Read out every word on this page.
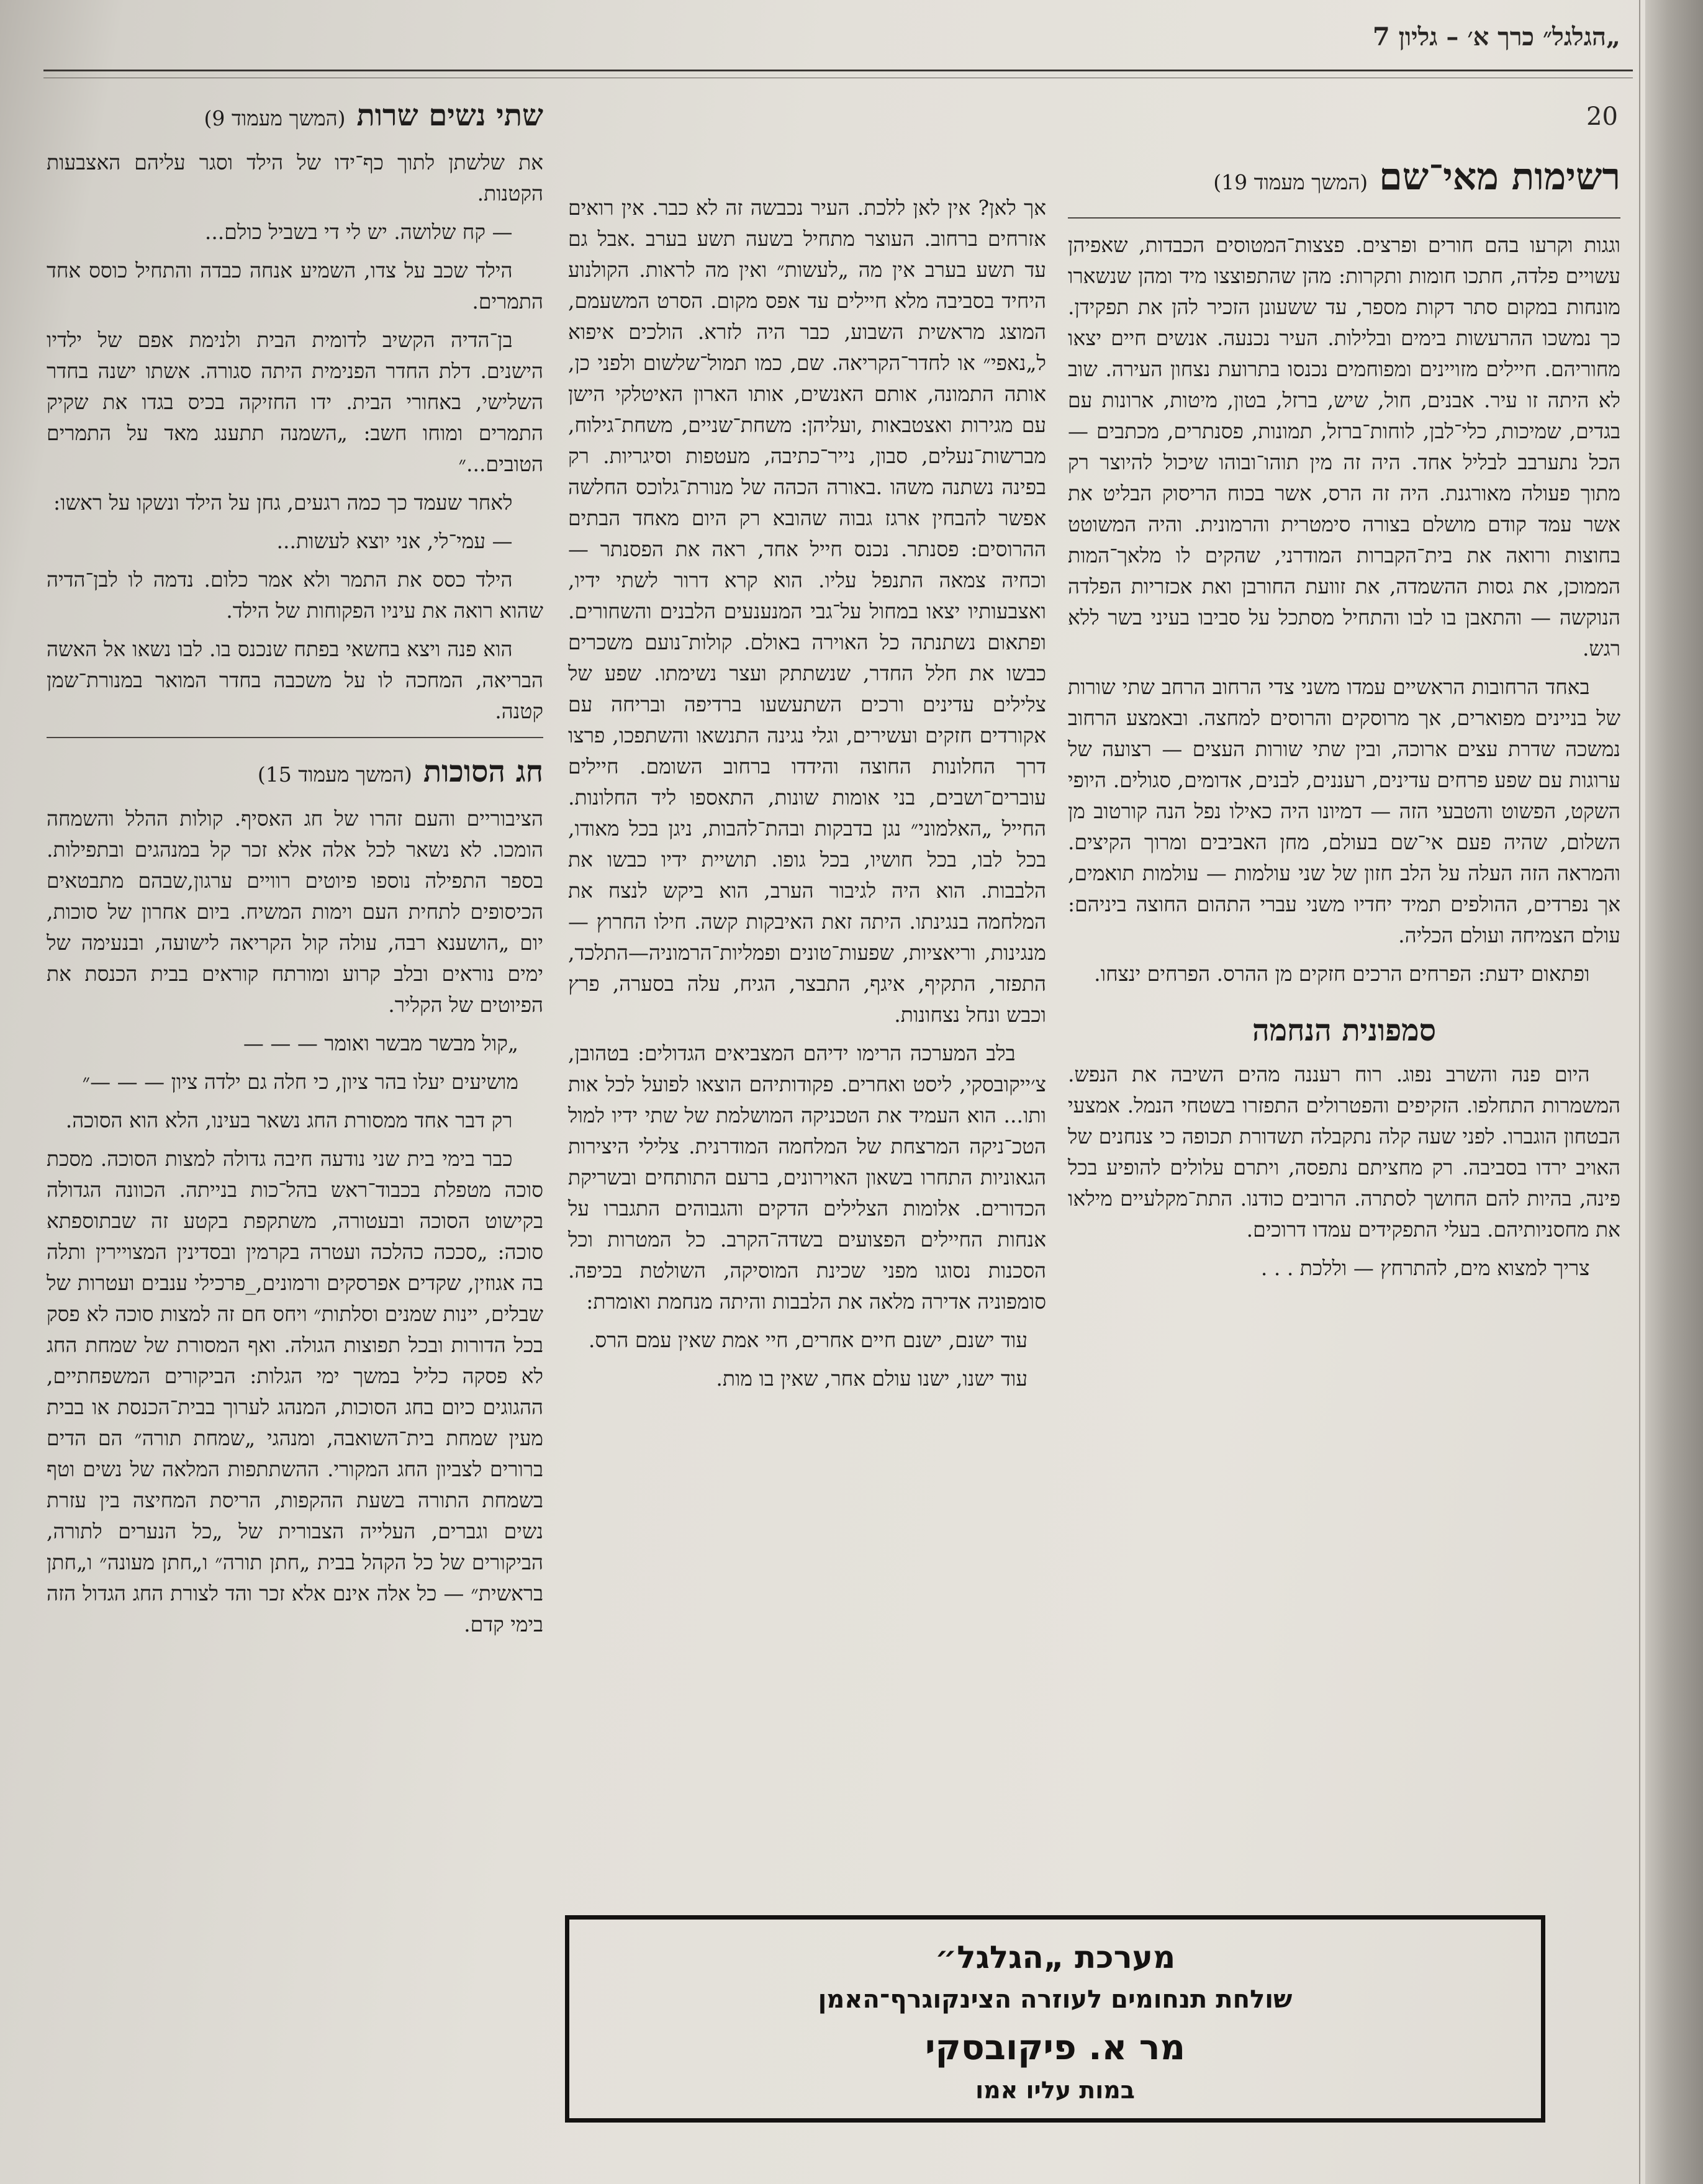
„הגלגל״ כרך א׳ – גליון 7
20
רשימות מאי־שם(המשך מעמוד 19)

וגגות וקרעו בהם חורים ופרצים. פצצות־המטוסים הכבדות, שאפיהן עשויים פלדה, חתכו חומות ותקרות: מהן שהתפוצצו מיד ומהן שנשארו מונחות במקום סתר דקות מספר, עד ששעונן הזכיר להן את תפקידן. כך נמשכו ההרעשות בימים ובלילות. העיר נכנעה. אנשים חיים יצאו מחוריהם. חיילים מזויינים ומפוחמים נכנסו בתרועת נצחון העירה. שוב לא היתה זו עיר. אבנים, חול, שיש, ברזל, בטון, מיטות, ארונות עם בגדים, שמיכות, כלי־לבן, לוחות־ברזל, תמונות, פסנתרים, מכתבים — הכל נתערבב לבליל אחד. היה זה מין תוהו־ובוהו שיכול להיוצר רק מתוך פעולה מאורגנת. היה זה הרס, אשר בכוח הריסוק הבליט את אשר עמד קודם מושלם בצורה סימטרית והרמונית. והיה המשוטט בחוצות ורואה את בית־הקברות המודרני, שהקים לו מלאך־המות הממוכן, את גסות ההשמדה, את זוועת החורבן ואת אכזריות הפלדה הנוקשה — והתאבן בו לבו והתחיל מסתכל על סביבו בעיני בשר ללא רגש.

באחד הרחובות הראשיים עמדו משני צדי הרחוב הרחב שתי שורות של בניינים מפוארים, אך מרוסקים והרוסים למחצה. ובאמצע הרחוב נמשכה שדרת עצים ארוכה, ובין שתי שורות העצים — רצועה של ערוגות עם שפע פרחים עדינים, רעננים, לבנים, אדומים, סגולים. היופי השקט, הפשוט והטבעי הזה — דמיונו היה כאילו נפל הנה קורטוב מן השלום, שהיה פעם אי־שם בעולם, מחן האביבים ומרוך הקיצים. והמראה הזה העלה על הלב חזון של שני עולמות — עולמות תואמים, אך נפרדים, ההולפים תמיד יחדיו משני עברי התהום החוצה ביניהם: עולם הצמיחה ועולם הכליה.

ופתאום ידעת: הפרחים הרכים חזקים מן ההרס. הפרחים ינצחו.

סמפונית הנחמה

היום פנה והשרב נפוג. רוח רעננה מהים השיבה את הנפש. המשמרות התחלפו. הזקיפים והפטרולים התפזרו בשטחי הנמל. אמצעי הבטחון הוגברו. לפני שעה קלה נתקבלה תשדורת תכופה כי צנחנים של האויב ירדו בסביבה. רק מחציתם נתפסה, ויתרם עלולים להופיע בכל פינה, בהיות להם החושך לסתרה. הרובים כודנו. התת־מקלעיים מילאו את מחסניותיהם. בעלי התפקידים עמדו דרוכים.

צריך למצוא מים, להתרחץ — וללכת . . .

אך לאן? אין לאן ללכת. העיר נכבשה זה לא כבר. אין רואים אזרחים ברחוב. העוצר מתחיל בשעה תשע בערב .אבל גם עד תשע בערב אין מה „לעשות״ ואין מה לראות. הקולנוע היחיד בסביבה מלא חיילים עד אפס מקום. הסרט המשעמם, המוצג מראשית השבוע, כבר היה לזרא. הולכים איפוא ל„נאפי״ או לחדר־הקריאה. שם, כמו תמול־שלשום ולפני כן, אותה התמונה, אותם האנשים, אותו הארון האיטלקי הישן עם מגירות ואצטבאות ,ועליהן: משחת־שניים, משחת־גילוח, מברשות־נעלים, סבון, נייר־כתיבה, מעטפות וסיגריות. רק בפינה נשתנה משהו .באורה הכהה של מנורת־גלוכס החלשה אפשר להבחין ארגז גבוה שהובא רק היום מאחד הבתים ההרוסים: פסנתר. נכנס חייל אחד, ראה את הפסנתר — וכחיה צמאה התנפל עליו. הוא קרא דרור לשתי ידיו, ואצבעותיו יצאו במחול על־גבי המנענעים הלבנים והשחורים. ופתאום נשתנתה כל האוירה באולם. קולות־נועם משכרים כבשו את חלל החדר, שנשתתק ועצר נשימתו. שפע של צלילים עדינים ורכים השתעשעו ברדיפה ובריחה עם אקורדים חזקים ועשירים, וגלי נגינה התנשאו והשתפכו, פרצו דרך החלונות החוצה והידדו ברחוב השומם. חיילים עוברים־ושבים, בני אומות שונות, התאספו ליד החלונות. החייל „האלמוני״ נגן בדבקות ובהת־להבות, ניגן בכל מאודו, בכל לבו, בכל חושיו, בכל גופו. תושיית ידיו כבשו את הלבבות. הוא היה לגיבור הערב, הוא ביקש לנצח את המלחמה בנגינתו. היתה זאת האיבקות קשה. חילו החרוץ — מנגינות, וריאציות, שפעות־טונים ופמליות־הרמוניה—התלכד, התפזר, התקיף, איגף, התבצר, הגיח, עלה בסערה, פרץ וכבש ונחל נצחונות.

בלב המערכה הרימו ידיהם המצביאים הגדולים: בטהובן, צ׳ייקובסקי, ליסט ואחרים. פקודותיהם הוצאו לפועל לכל אות ותו... הוא העמיד את הטכניקה המושלמת של שתי ידיו למול הטכ־ניקה המרצחת של המלחמה המודרנית. צלילי היצירות הגאוניות התחרו בשאון האוירונים, ברעם התותחים ובשריקת הכדורים. אלומות הצלילים הדקים והגבוהים התגברו על אנחות החיילים הפצועים בשדה־הקרב. כל המטרות וכל הסכנות נסוגו מפני שכינת המוסיקה, השולטת בכיפה. סומפוניה אדירה מלאה את הלבבות והיתה מנחמת ואומרת:

עוד ישנם, ישנם חיים אחרים, חיי אמת שאין עמם הרס.

עוד ישנו, ישנו עולם אחר, שאין בו מות.

שתי נשים שרות(המשך מעמוד 9)

את שלשתן לתוך כף־ידו של הילד וסגר עליהם האצבעות הקטנות.

— קח שלושה. יש לי די בשביל כולם...

הילד שכב על צדו, השמיע אנחה כבדה והתחיל כוסס אחד התמרים.

בן־הדיה הקשיב לדומית הבית ולנימת אפם של ילדיו הישנים. דלת החדר הפנימית היתה סגורה. אשתו ישנה בחדר השלישי, באחורי הבית. ידו החזיקה בכיס בגדו את שקיק התמרים ומוחו חשב: „השמנה תתענג מאד על התמרים הטובים...״

לאחר שעמד כך כמה רגעים, גחן על הילד ונשקו על ראשו:

— עמי־לי, אני יוצא לעשות...

הילד כסס את התמר ולא אמר כלום. נדמה לו לבן־הדיה שהוא רואה את עיניו הפקוחות של הילד.

הוא פנה ויצא בחשאי בפתח שנכנס בו. לבו נשאו אל האשה הבריאה, המחכה לו על משכבה בחדר המואר במנורת־שמן קטנה.

חג הסוכות(המשך מעמוד 15)

הציבוריים והעם זהרו של חג האסיף. קולות ההלל והשמחה הומכו. לא נשאר לכל אלה אלא זכר קל במנהגים ובתפילות. בספר התפילה נוספו פיוטים רוויים ערגון,שבהם מתבטאים הכיסופים לתחית העם וימות המשיח. ביום אחרון של סוכות, יום „הושענא רבה, עולה קול הקריאה לישועה, ובנעימה של ימים נוראים ובלב קרוע ומורתח קוראים בבית הכנסת את הפיוטים של הקליר.

„קול מבשר מבשר ואומר — — —

מושיעים יעלו בהר ציון, כי חלה גם ילדה ציון — — —״

רק דבר אחד ממסורת החג נשאר בעינו, הלא הוא הסוכה.

כבר בימי בית שני נודעה חיבה גדולה למצות הסוכה. מסכת סוכה מטפלת בכבוד־ראש בהל־כות בנייתה. הכוונה הגדולה בקישוט הסוכה ובעטורה, משתקפת בקטע זה שבתוספתא סוכה: „סככה כהלכה ועטרה בקרמין ובסדינין המצויירין ותלה בה אגוזין, שקדים אפרסקים ורמונים,_פרכילי ענבים ועטרות של שבלים, יינות שמנים וסלתות״ ויחס חם זה למצות סוכה לא פסק בכל הדורות ובכל תפוצות הגולה. ואף המסורת של שמחת החג לא פסקה כליל במשך ימי הגלות: הביקורים המשפחתיים, ההגוגים כיום בחג הסוכות, המנהג לערוך בבית־הכנסת או בבית מעין שמחת בית־השואבה, ומנהגי „שמחת תורה״ הם הדים ברורים לצביון החג המקורי. ההשתתפות המלאה של נשים וטף בשמחת התורה בשעת ההקפות, הריסת המחיצה בין עזרת נשים וגברים, העלייה הצבורית של „כל הנערים לתורה, הביקורים של כל הקהל בבית „חתן תורה״ ו„חתן מעונה״ ו„חתן בראשית״ — כל אלה אינם אלא זכר והד לצורת החג הגדול הזה בימי קדם.

מערכת „הגלגל״
שולחת תנחומים לעוזרה הצינקוגרף־האמן
מר א. פיקובסקי
במות עליו אמו
